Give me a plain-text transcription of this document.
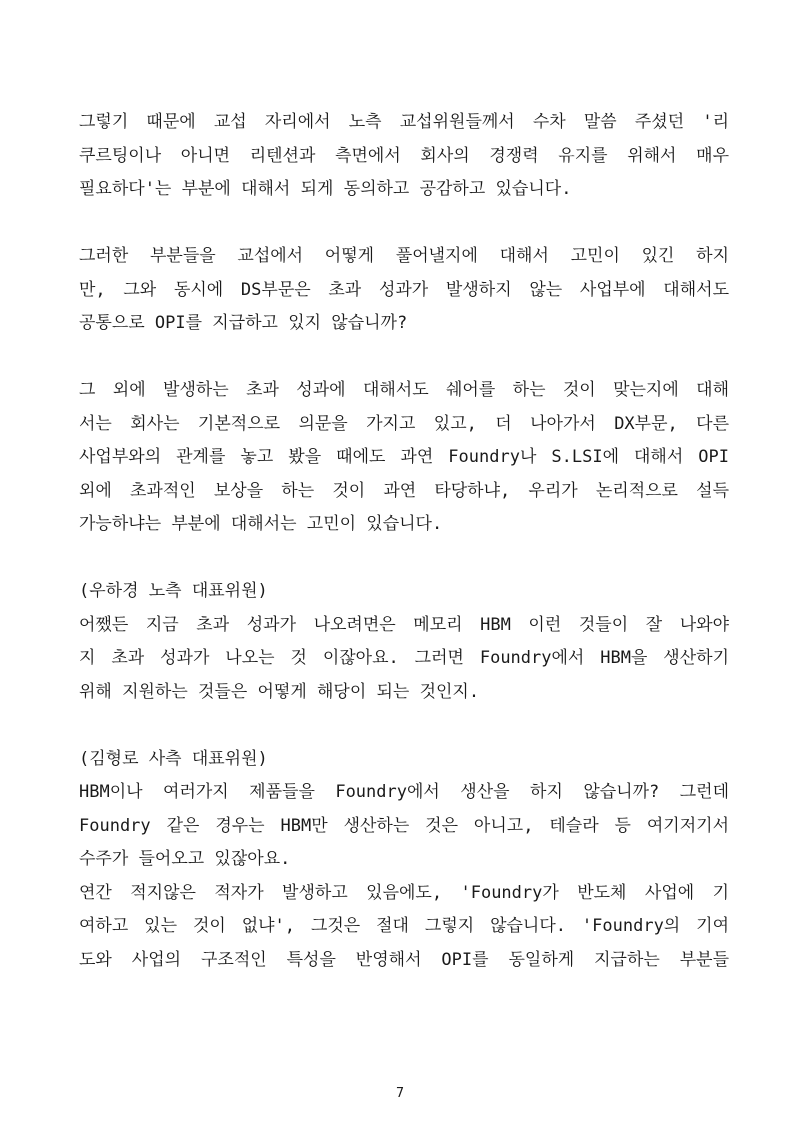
그렇기 때문에 교섭 자리에서 노측 교섭위원들께서 수차 말씀 주셨던 '리
쿠르팅이나 아니면 리텐션과 측면에서 회사의 경쟁력 유지를 위해서 매우
필요하다'는 부분에 대해서 되게 동의하고 공감하고 있습니다.
그러한 부분들을 교섭에서 어떻게 풀어낼지에 대해서 고민이 있긴 하지
만, 그와 동시에 DS부문은 초과 성과가 발생하지 않는 사업부에 대해서도
공통으로 OPI를 지급하고 있지 않습니까?
그 외에 발생하는 초과 성과에 대해서도 쉐어를 하는 것이 맞는지에 대해
서는 회사는 기본적으로 의문을 가지고 있고, 더 나아가서 DX부문, 다른
사업부와의 관계를 놓고 봤을 때에도 과연 Foundry나 S.LSI에 대해서 OPI
외에 초과적인 보상을 하는 것이 과연 타당하냐, 우리가 논리적으로 설득
가능하냐는 부분에 대해서는 고민이 있습니다.
(우하경 노측 대표위원)
어쨌든 지금 초과 성과가 나오려면은 메모리 HBM 이런 것들이 잘 나와야
지 초과 성과가 나오는 것 이잖아요. 그러면 Foundry에서 HBM을 생산하기
위해 지원하는 것들은 어떻게 해당이 되는 것인지.
(김형로 사측 대표위원)
HBM이나 여러가지 제품들을 Foundry에서 생산을 하지 않습니까? 그런데
Foundry 같은 경우는 HBM만 생산하는 것은 아니고, 테슬라 등 여기저기서
수주가 들어오고 있잖아요.
연간 적지않은 적자가 발생하고 있음에도, 'Foundry가 반도체 사업에 기
여하고 있는 것이 없냐', 그것은 절대 그렇지 않습니다. 'Foundry의 기여
도와 사업의 구조적인 특성을 반영해서 OPI를 동일하게 지급하는 부분들
7
